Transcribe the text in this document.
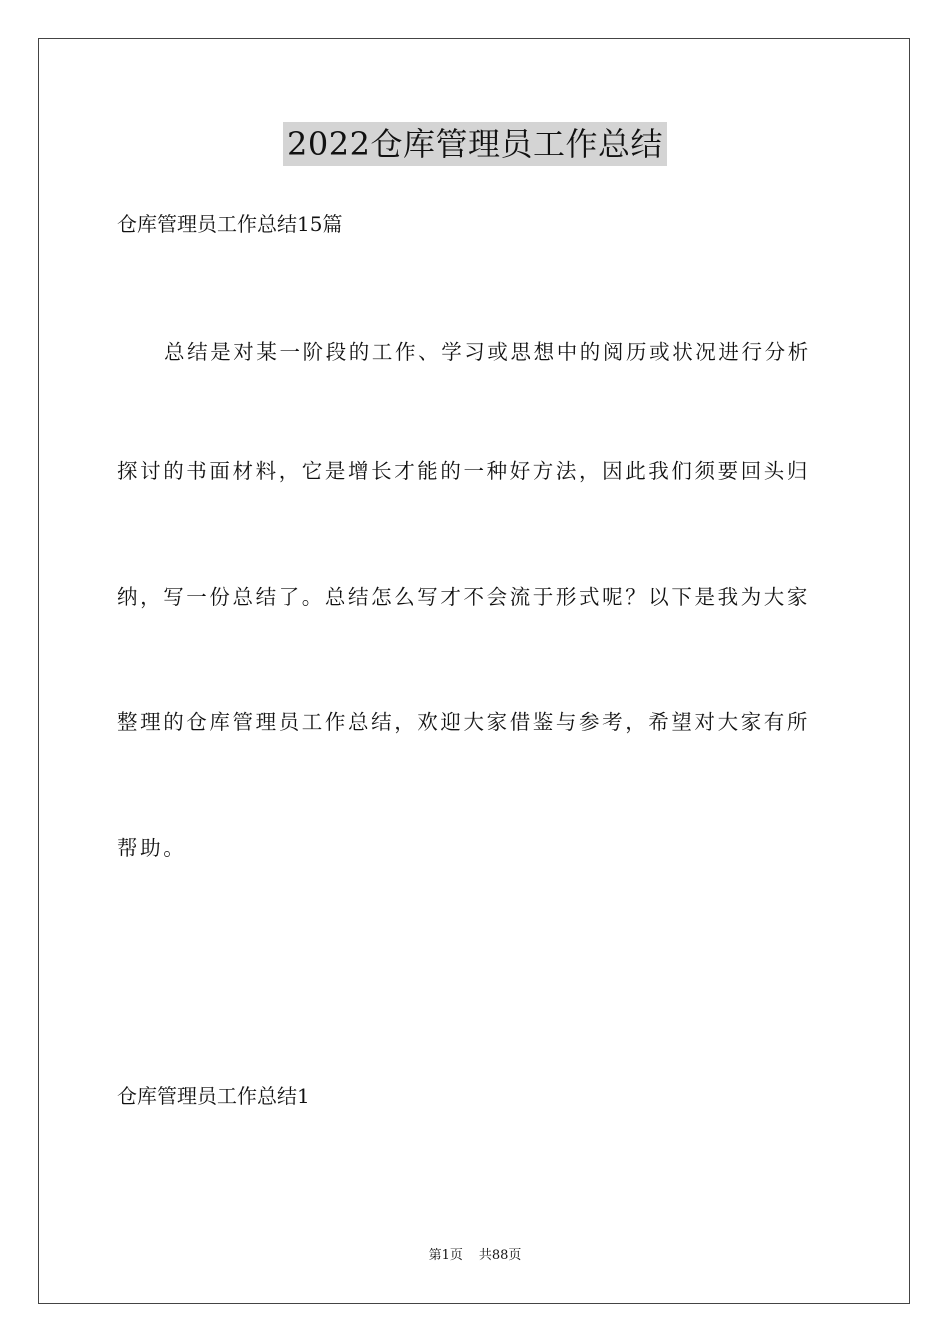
2022仓库管理员工作总结
仓库管理员工作总结15篇
总结是对某一阶段的工作、学习或思想中的阅历或状况进行分析
探讨的书面材料，它是增长才能的一种好方法，因此我们须要回头归
纳，写一份总结了。总结怎么写才不会流于形式呢？以下是我为大家
整理的仓库管理员工作总结，欢迎大家借鉴与参考，希望对大家有所
帮助。
仓库管理员工作总结1
第1页 共88页
